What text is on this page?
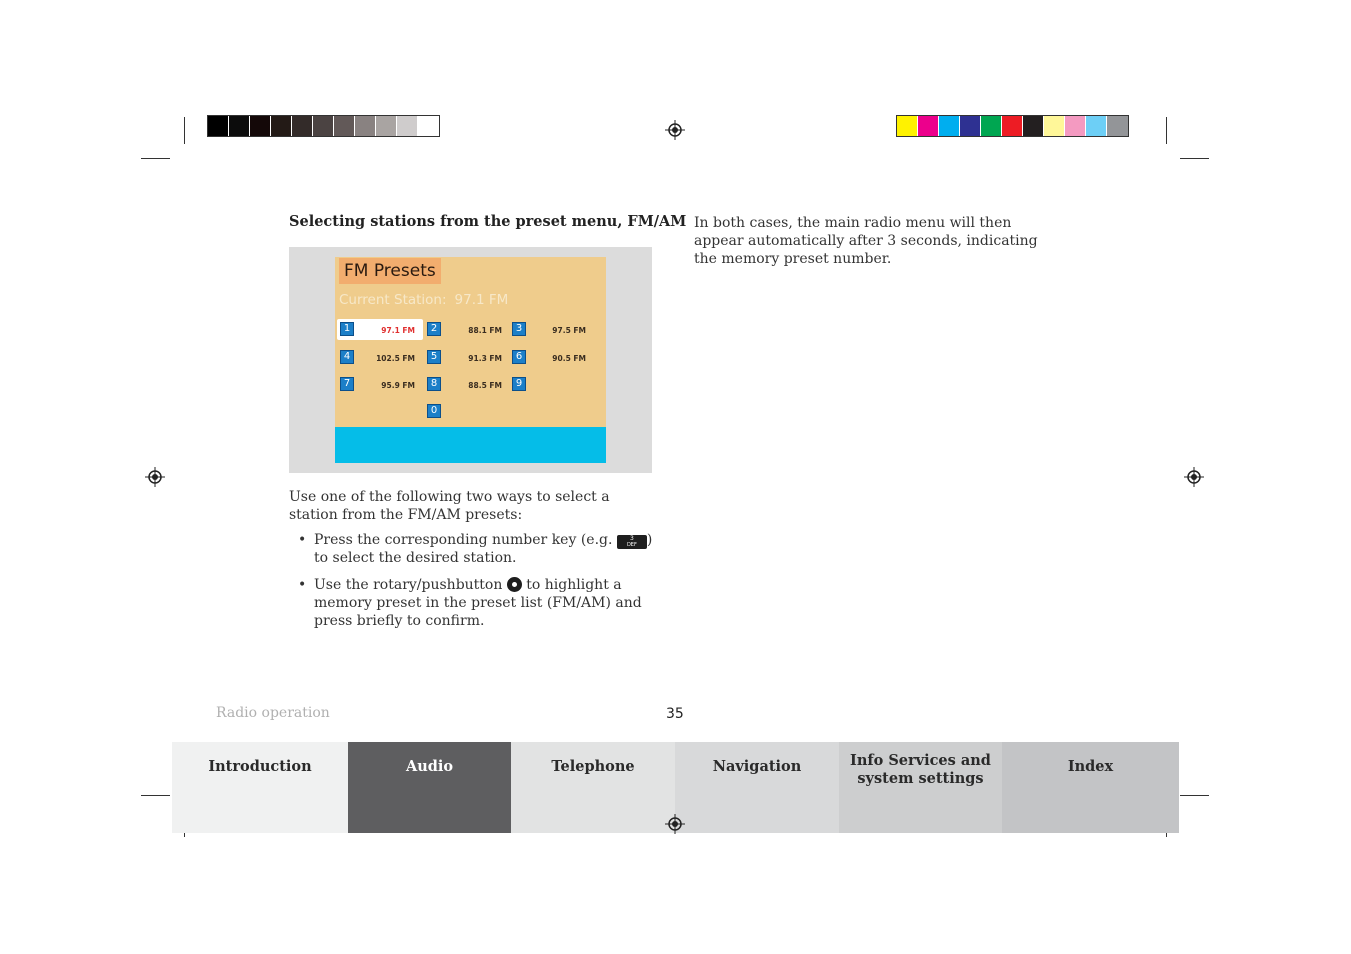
Selecting stations from the preset menu, FM/AM
FM Presets
Current Station: 97.1 FM
1	97.1 FM	2	88.1 FM	3	97.5 FM
4	102.5 FM	5	91.3 FM	6	90.5 FM
7	95.9 FM	8	88.5 FM	9
0
Use one of the following two ways to select a station from the FM/AM presets:
• Press the corresponding number key (e.g.	3
DEF ) to select the desired station.
• Use the rotary/pushbutton  to highlight a memory preset in the preset list (FM/AM) and press briefly to confirm.
In both cases, the main radio menu will then appear automatically after 3 seconds, indicating the memory preset number.
Radio operation	35
Introduction	Audio	Telephone	Navigation	Info Services and
system settings
Index
